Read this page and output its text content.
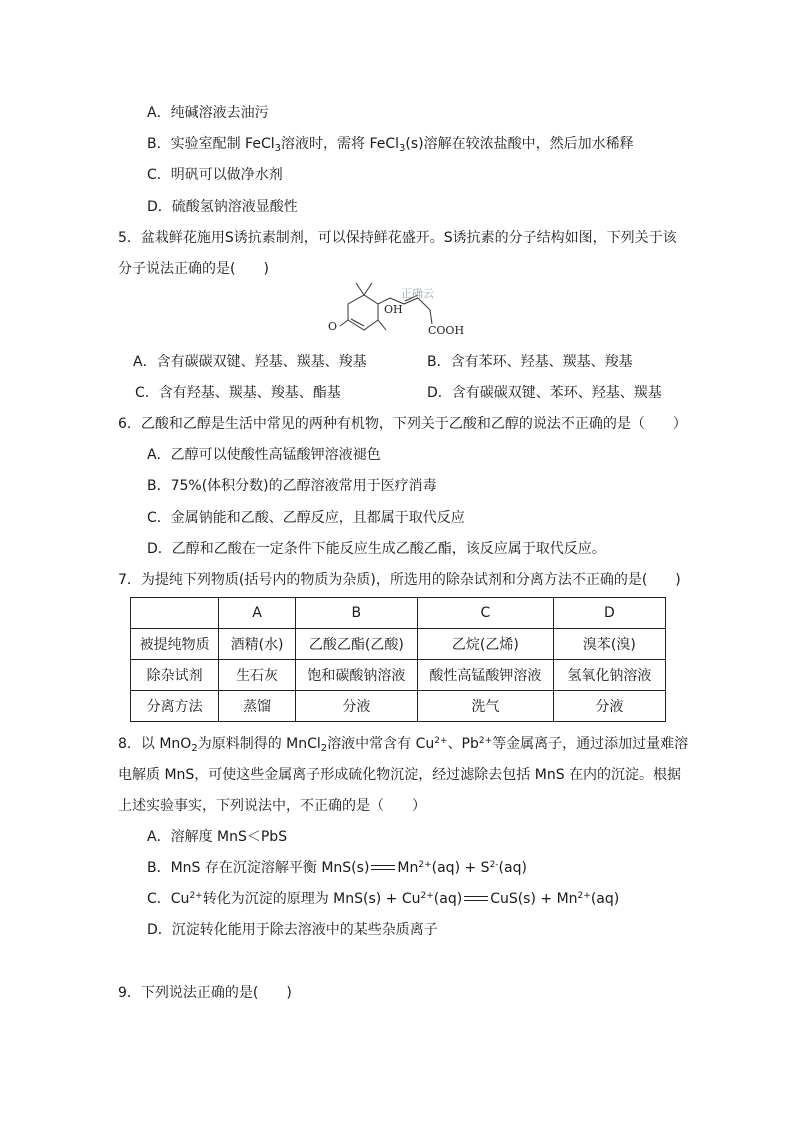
A．纯碱溶液去油污
B．实验室配制 FeCl$_3$溶液时，需将 FeCl$_3$(s)溶解在较浓盐酸中，然后加水稀释
C．明矾可以做净水剂
D．硫酸氢钠溶液显酸性
5．盆栽鲜花施用S诱抗素制剂，可以保持鲜花盛开。S诱抗素的分子结构如图，下列关于该
分子说法正确的是(　　)
O
OH
COOH
正确云
A．含有碳碳双键、羟基、羰基、羧基	B．含有苯环、羟基、羰基、羧基
C．含有羟基、羰基、羧基、酯基	D．含有碳碳双键、苯环、羟基、羰基
6．乙酸和乙醇是生活中常见的两种有机物，下列关于乙酸和乙醇的说法不正确的是（　　）
A．乙醇可以使酸性高锰酸钾溶液褪色
B．75%(体积分数)的乙醇溶液常用于医疗消毒
C．金属钠能和乙酸、乙醇反应，且都属于取代反应
D．乙醇和乙酸在一定条件下能反应生成乙酸乙酯，该反应属于取代反应。
7．为提纯下列物质(括号内的物质为杂质)，所选用的除杂试剂和分离方法不正确的是(　　)
	A	B	C	D
被提纯物质	酒精(水)	乙酸乙酯(乙酸)	乙烷(乙烯)	溴苯(溴)
除杂试剂	生石灰	饱和碳酸钠溶液	酸性高锰酸钾溶液	氢氧化钠溶液
分离方法	蒸馏	分液	洗气	分液
8．以 MnO$_2$为原料制得的 MnCl$_2$溶液中常含有 $Cu^{2+}$、$Pb^{2+}$等金属离子，通过添加过量难溶
电解质 MnS，可使这些金属离子形成硫化物沉淀，经过滤除去包括 MnS 在内的沉淀。根据
上述实验事实，下列说法中，不正确的是（　　）
A．溶解度 MnS＜PbS
B．MnS 存在沉淀溶解平衡 MnS(s) $Mn^{2+}(aq) + S^{2-}(aq)$
C．$Cu^{2+}$转化为沉淀的原理为 $MnS(s) + Cu^{2+}(aq) CuS(s) + Mn^{2+}(aq)$
D．沉淀转化能用于除去溶液中的某些杂质离子
9．下列说法正确的是(　　)
